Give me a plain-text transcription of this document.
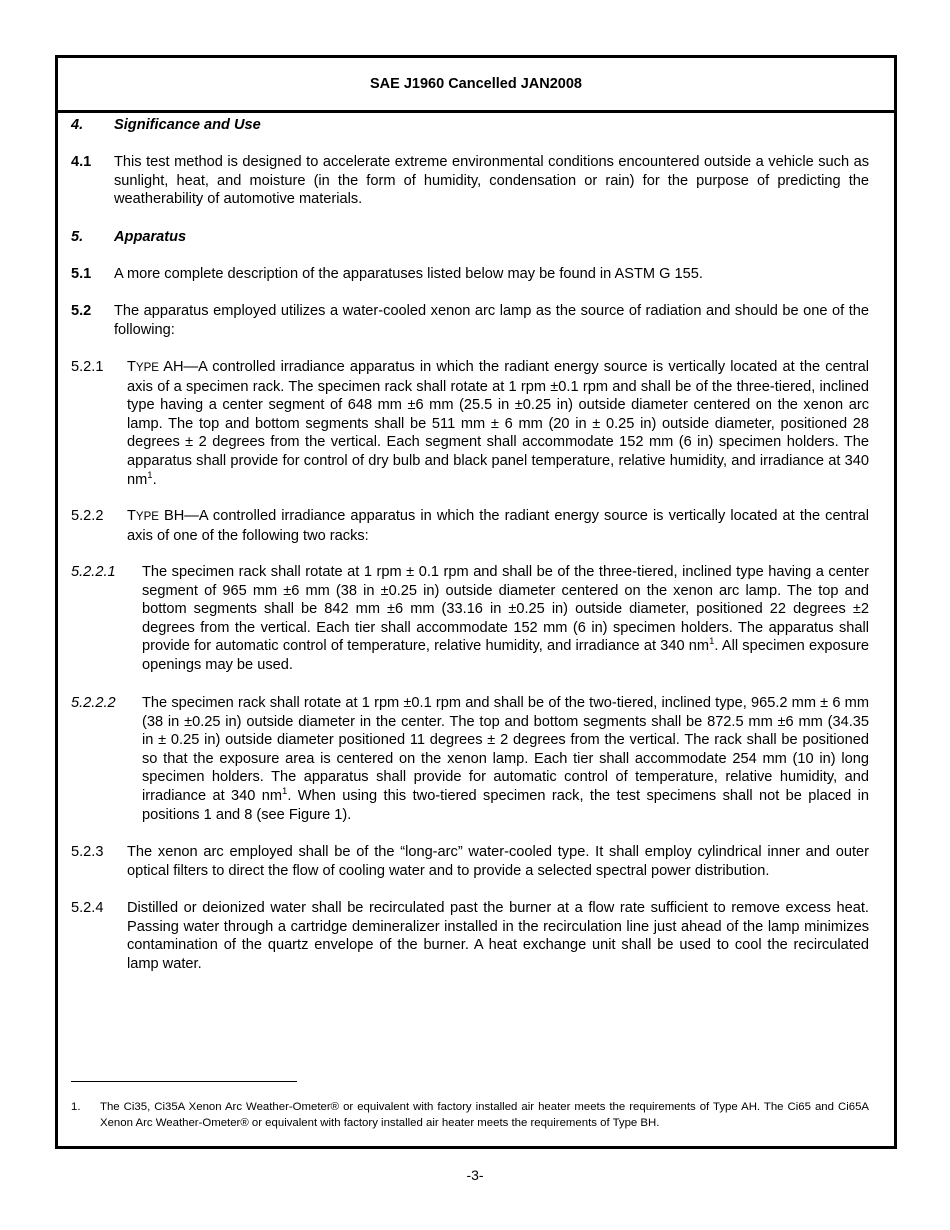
SAE J1960 Cancelled JAN2008
4. Significance and Use
4.1 This test method is designed to accelerate extreme environmental conditions encountered outside a vehicle such as sunlight, heat, and moisture (in the form of humidity, condensation or rain) for the purpose of predicting the weatherability of automotive materials.
5. Apparatus
5.1 A more complete description of the apparatuses listed below may be found in ASTM G 155.
5.2 The apparatus employed utilizes a water-cooled xenon arc lamp as the source of radiation and should be one of the following:
5.2.1 TYPE AH—A controlled irradiance apparatus in which the radiant energy source is vertically located at the central axis of a specimen rack. The specimen rack shall rotate at 1 rpm ±0.1 rpm and shall be of the three-tiered, inclined type having a center segment of 648 mm ±6 mm (25.5 in ±0.25 in) outside diameter centered on the xenon arc lamp. The top and bottom segments shall be 511 mm ± 6 mm (20 in ± 0.25 in) outside diameter, positioned 28 degrees ± 2 degrees from the vertical. Each segment shall accommodate 152 mm (6 in) specimen holders. The apparatus shall provide for control of dry bulb and black panel temperature, relative humidity, and irradiance at 340 $nm^1$.
5.2.2 TYPE BH—A controlled irradiance apparatus in which the radiant energy source is vertically located at the central axis of one of the following two racks:
5.2.2.1 The specimen rack shall rotate at 1 rpm ± 0.1 rpm and shall be of the three-tiered, inclined type having a center segment of 965 mm ±6 mm (38 in ±0.25 in) outside diameter centered on the xenon arc lamp. The top and bottom segments shall be 842 mm ±6 mm (33.16 in ±0.25 in) outside diameter, positioned 22 degrees ±2 degrees from the vertical. Each tier shall accommodate 152 mm (6 in) specimen holders. The apparatus shall provide for automatic control of temperature, relative humidity, and irradiance at 340 $nm^1$. All specimen exposure openings may be used.
5.2.2.2 The specimen rack shall rotate at 1 rpm ±0.1 rpm and shall be of the two-tiered, inclined type, 965.2 mm ± 6 mm (38 in ±0.25 in) outside diameter in the center. The top and bottom segments shall be 872.5 mm ±6 mm (34.35 in ± 0.25 in) outside diameter positioned 11 degrees ± 2 degrees from the vertical. The rack shall be positioned so that the exposure area is centered on the xenon lamp. Each tier shall accommodate 254 mm (10 in) long specimen holders. The apparatus shall provide for automatic control of temperature, relative humidity, and irradiance at 340 $nm^1$. When using this two-tiered specimen rack, the test specimens shall not be placed in positions 1 and 8 (see Figure 1).
5.2.3 The xenon arc employed shall be of the “long-arc” water-cooled type. It shall employ cylindrical inner and outer optical filters to direct the flow of cooling water and to provide a selected spectral power distribution.
5.2.4 Distilled or deionized water shall be recirculated past the burner at a flow rate sufficient to remove excess heat. Passing water through a cartridge demineralizer installed in the recirculation line just ahead of the lamp minimizes contamination of the quartz envelope of the burner. A heat exchange unit shall be used to cool the recirculated lamp water.
1. The Ci35, Ci35A Xenon Arc Weather-Ometer® or equivalent with factory installed air heater meets the requirements of Type AH. The Ci65 and Ci65A Xenon Arc Weather-Ometer® or equivalent with factory installed air heater meets the requirements of Type BH.
-3-
